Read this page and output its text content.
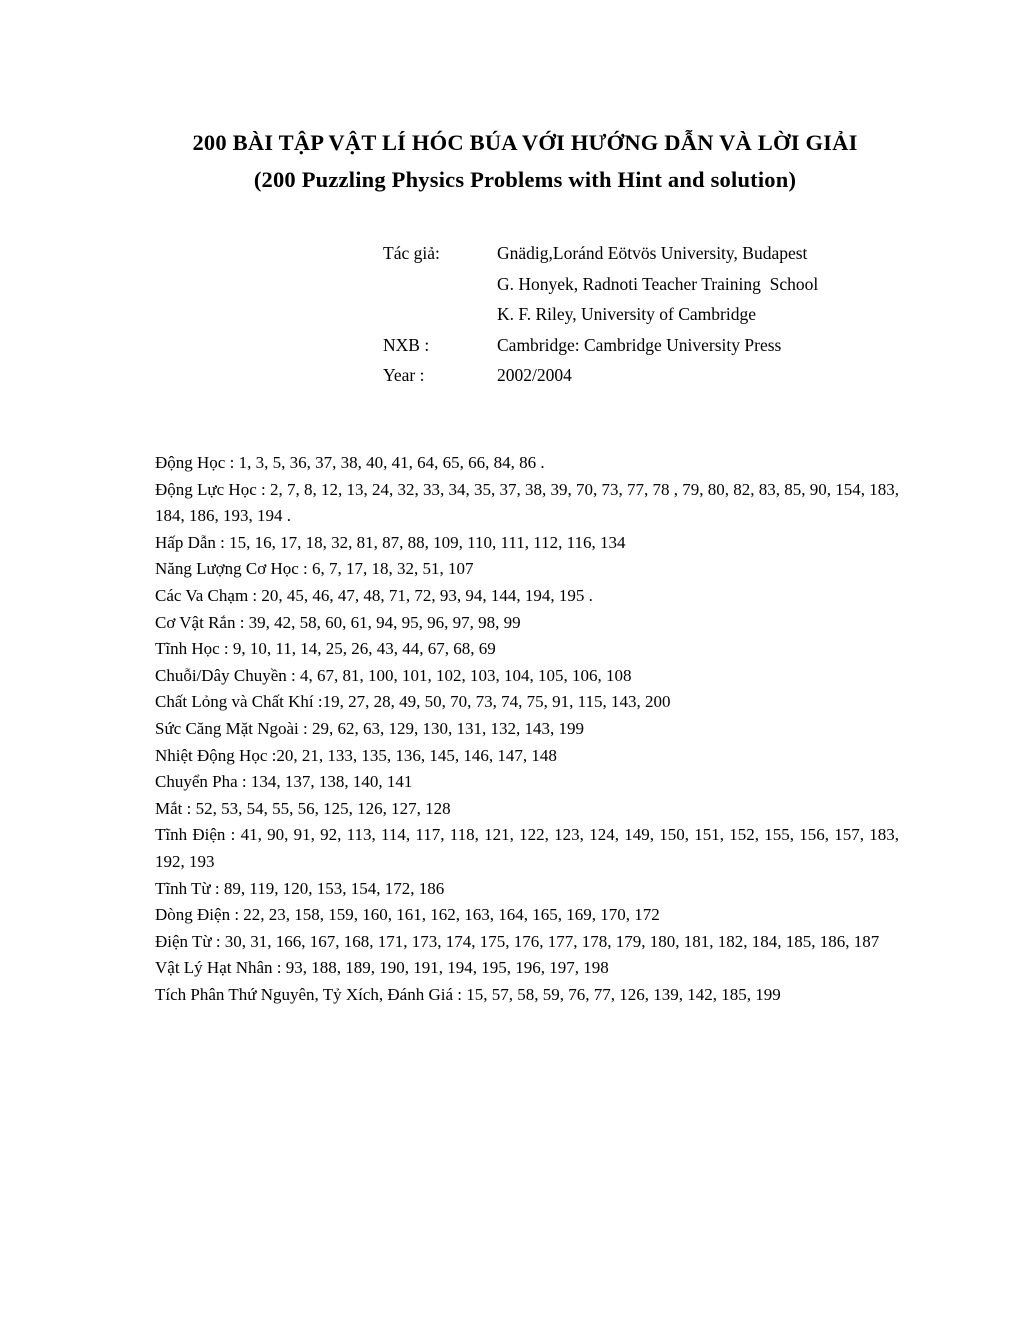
200 BÀI TẬP VẬT LÍ HÓC BÚA VỚI HƯỚNG DẪN VÀ LỜI GIẢI
(200 Puzzling Physics Problems with Hint and solution)
Tác giả:	Gnädig,Loránd Eötvös University, Budapest
G. Honyek, Radnoti Teacher Training  School
K. F. Riley, University of Cambridge
NXB :	Cambridge: Cambridge University Press
Year :	2002/2004

Động Học : 1, 3, 5, 36, 37, 38, 40, 41, 64, 65, 66, 84, 86 .

Động Lực Học : 2, 7, 8, 12, 13, 24, 32, 33, 34, 35, 37, 38, 39, 70, 73, 77, 78 , 79, 80, 82, 83, 85, 90, 154, 183, 184, 186, 193, 194 .

Hấp Dẫn : 15, 16, 17, 18, 32, 81, 87, 88, 109, 110, 111, 112, 116, 134

Năng Lượng Cơ Học : 6, 7, 17, 18, 32, 51, 107

Các Va Chạm : 20, 45, 46, 47, 48, 71, 72, 93, 94, 144, 194, 195 .

Cơ Vật Rắn : 39, 42, 58, 60, 61, 94, 95, 96, 97, 98, 99

Tĩnh Học : 9, 10, 11, 14, 25, 26, 43, 44, 67, 68, 69

Chuỗi/Dây Chuyền : 4, 67, 81, 100, 101, 102, 103, 104, 105, 106, 108

Chất Lỏng và Chất Khí :19, 27, 28, 49, 50, 70, 73, 74, 75, 91, 115, 143, 200

Sức Căng Mặt Ngoài : 29, 62, 63, 129, 130, 131, 132, 143, 199

Nhiệt Động Học :20, 21, 133, 135, 136, 145, 146, 147, 148

Chuyển Pha : 134, 137, 138, 140, 141

Mắt : 52, 53, 54, 55, 56, 125, 126, 127, 128

Tĩnh Điện : 41, 90, 91, 92, 113, 114, 117, 118, 121, 122, 123, 124, 149, 150, 151, 152, 155, 156, 157, 183, 192, 193

Tĩnh Từ : 89, 119, 120, 153, 154, 172, 186

Dòng Điện : 22, 23, 158, 159, 160, 161, 162, 163, 164, 165, 169, 170, 172

Điện Từ : 30, 31, 166, 167, 168, 171, 173, 174, 175, 176, 177, 178, 179, 180, 181, 182, 184, 185, 186, 187

Vật Lý Hạt Nhân : 93, 188, 189, 190, 191, 194, 195, 196, 197, 198

Tích Phân Thứ Nguyên, Tỷ Xích, Đánh Giá : 15, 57, 58, 59, 76, 77, 126, 139, 142, 185, 199
